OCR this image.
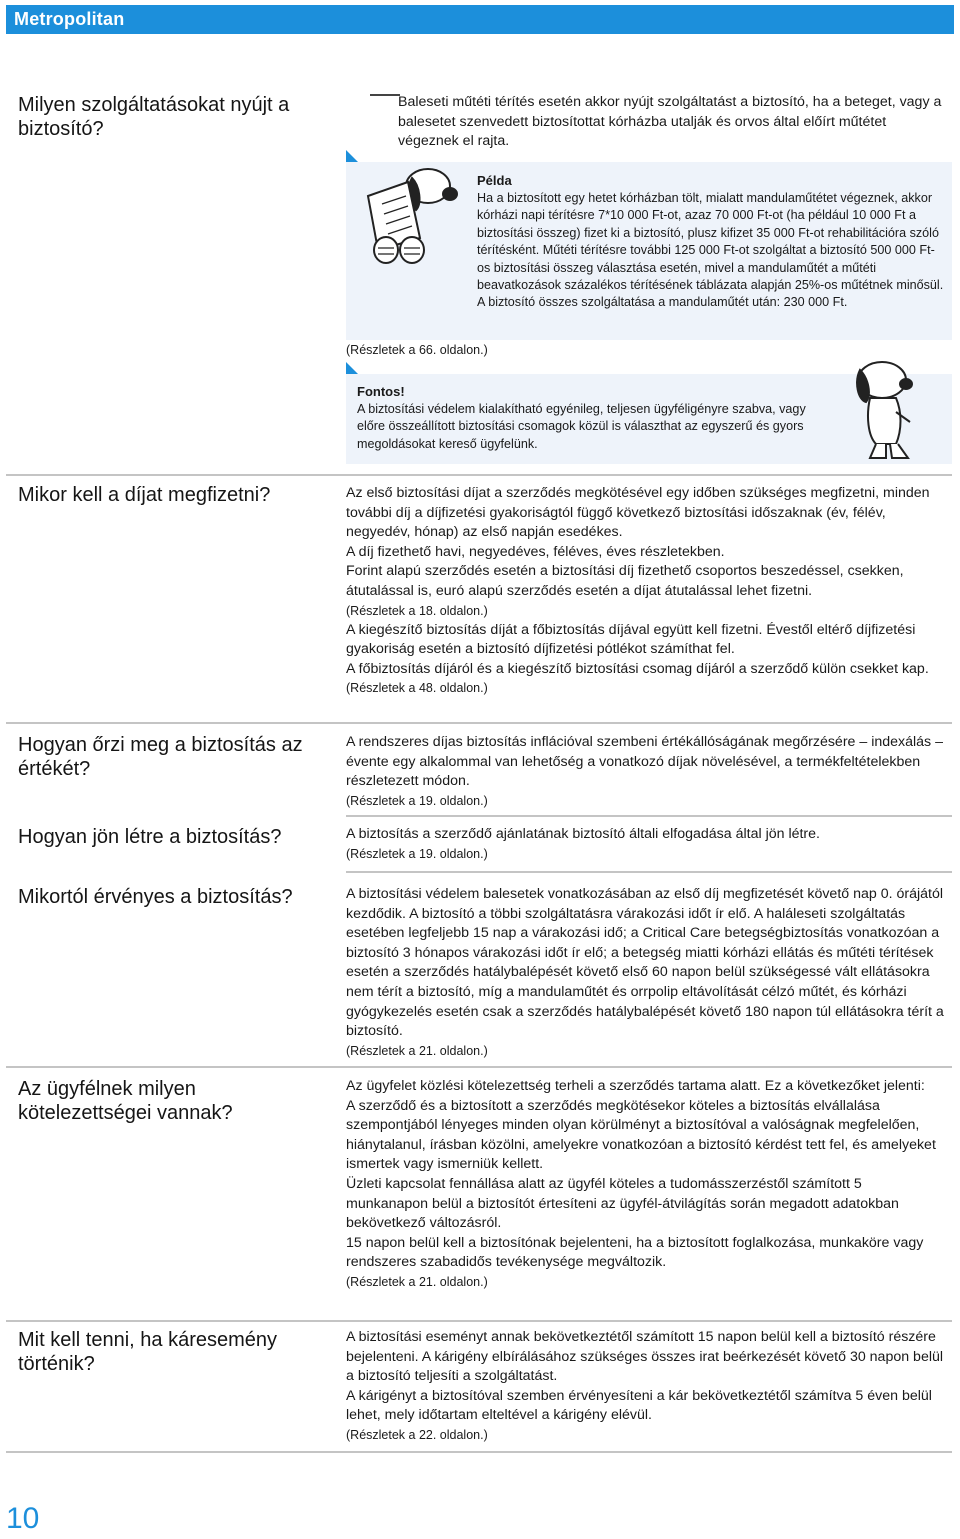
Metropolitan
Milyen szolgáltatásokat nyújt a biztosító?

Baleseti műtéti térítés esetén akkor nyújt szolgáltatást a biztosító, ha a beteget, vagy a balesetet szenvedett biztosítottat kórházba utalják és orvos által előírt műtétet végeznek el rajta.

Példa

Ha a biztosított egy hetet kórházban tölt, mialatt mandulaműtétet végeznek, akkor kórházi napi térítésre 7*10 000 Ft-ot, azaz 70 000 Ft-ot (ha például 10 000 Ft a biztosítási összeg) fizet ki a biztosító, plusz kifizet 35 000 Ft-ot rehabilitációra szóló térítésként. Műtéti térítésre további 125 000 Ft-ot szolgáltat a biztosító 500 000 Ft-os biztosítási összeg választása esetén, mivel a mandulaműtét a műtéti beavatkozások százalékos térítésének táblázata alapján 25%-os műtétnek minősül. A biztosító összes szolgáltatása a mandulaműtét után: 230 000 Ft.

(Részletek a 66. oldalon.)
Fontos!

A biztosítási védelem kialakítható egyénileg, teljesen ügyféligényre szabva, vagy előre összeállított biztosítási csomagok közül is választhat az egyszerű és gyors megoldásokat kereső ügyfelünk.

Mikor kell a díjat megfizetni?	Az első biztosítási díjat a szerződés megkötésével egy időben szükséges megfizetni, minden további díj a díjfizetési gyakoriságtól függő következő biztosítási időszaknak (év, félév, negyedév, hónap) az első napján esedékes.

A díj fizethető havi, negyedéves, féléves, éves részletekben.

Forint alapú szerződés esetén a biztosítási díj fizethető csoportos beszedéssel, csekken, átutalással is, euró alapú szerződés esetén a díjat átutalással lehet fizetni.

(Részletek a 18. oldalon.)

A kiegészítő biztosítás díját a főbiztosítás díjával együtt kell fizetni. Évestől eltérő díjfizetési gyakoriság esetén a biztosító díjfizetési pótlékot számíthat fel.

A főbiztosítás díjáról és a kiegészítő biztosítási csomag díjáról a szerződő külön csekket kap.

(Részletek a 48. oldalon.)

Hogyan őrzi meg a biztosítás az értékét?

A rendszeres díjas biztosítás inflációval szembeni értékállóságának megőrzésére – indexálás – évente egy alkalommal van lehetőség a vonatkozó díjak növelésével, a termékfeltételekben részletezett módon.

(Részletek a 19. oldalon.)

Hogyan jön létre a biztosítás?	A biztosítás a szerződő ajánlatának biztosító általi elfogadása által jön létre.

(Részletek a 19. oldalon.)

Mikortól érvényes a biztosítás?	A biztosítási védelem balesetek vonatkozásában az első díj megfizetését követő nap 0. órájától kezdődik. A biztosító a többi szolgáltatásra várakozási időt ír elő. A haláleseti szolgáltatás esetében legfeljebb 15 nap a várakozási idő; a Critical Care betegségbiztosítás vonatkozóan a biztosító 3 hónapos várakozási időt ír elő; a betegség miatti kórházi ellátás és műtéti térítések esetén a szerződés hatálybalépését követő első 60 napon belül szükségessé vált ellátásokra nem térít a biztosító, míg a mandulaműtét és orrpolip eltávolítását célzó műtét, és kórházi gyógykezelés esetén csak a szerződés hatálybalépését követő 180 napon túl ellátásokra térít a biztosító.

(Részletek a 21. oldalon.)

Az ügyfélnek milyen kötelezettségei vannak?

Az ügyfelet közlési kötelezettség terheli a szerződés tartama alatt. Ez a következőket jelenti:

A szerződő és a biztosított a szerződés megkötésekor köteles a biztosítás elvállalása szempontjából lényeges minden olyan körülményt a biztosítóval a valóságnak megfelelően, hiánytalanul, írásban közölni, amelyekre vonatkozóan a biztosító kérdést tett fel, és amelyeket ismertek vagy ismerniük kellett.

Üzleti kapcsolat fennállása alatt az ügyfél köteles a tudomásszerzéstől számított 5 munkanapon belül a biztosítót értesíteni az ügyfél-átvilágítás során megadott adatokban bekövetkező változásról.

15 napon belül kell a biztosítónak bejelenteni, ha a biztosított foglalkozása, munkaköre vagy rendszeres szabadidős tevékenysége megváltozik.

(Részletek a 21. oldalon.)

Mit kell tenni, ha káresemény történik?

A biztosítási eseményt annak bekövetkeztétől számított 15 napon belül kell a biztosító részére bejelenteni. A kárigény elbírálásához szükséges összes irat beérkezését követő 30 napon belül a biztosító teljesíti a szolgáltatást.

A kárigényt a biztosítóval szemben érvényesíteni a kár bekövetkeztétől számítva 5 éven belül lehet, mely időtartam elteltével a kárigény elévül.

(Részletek a 22. oldalon.)

10
